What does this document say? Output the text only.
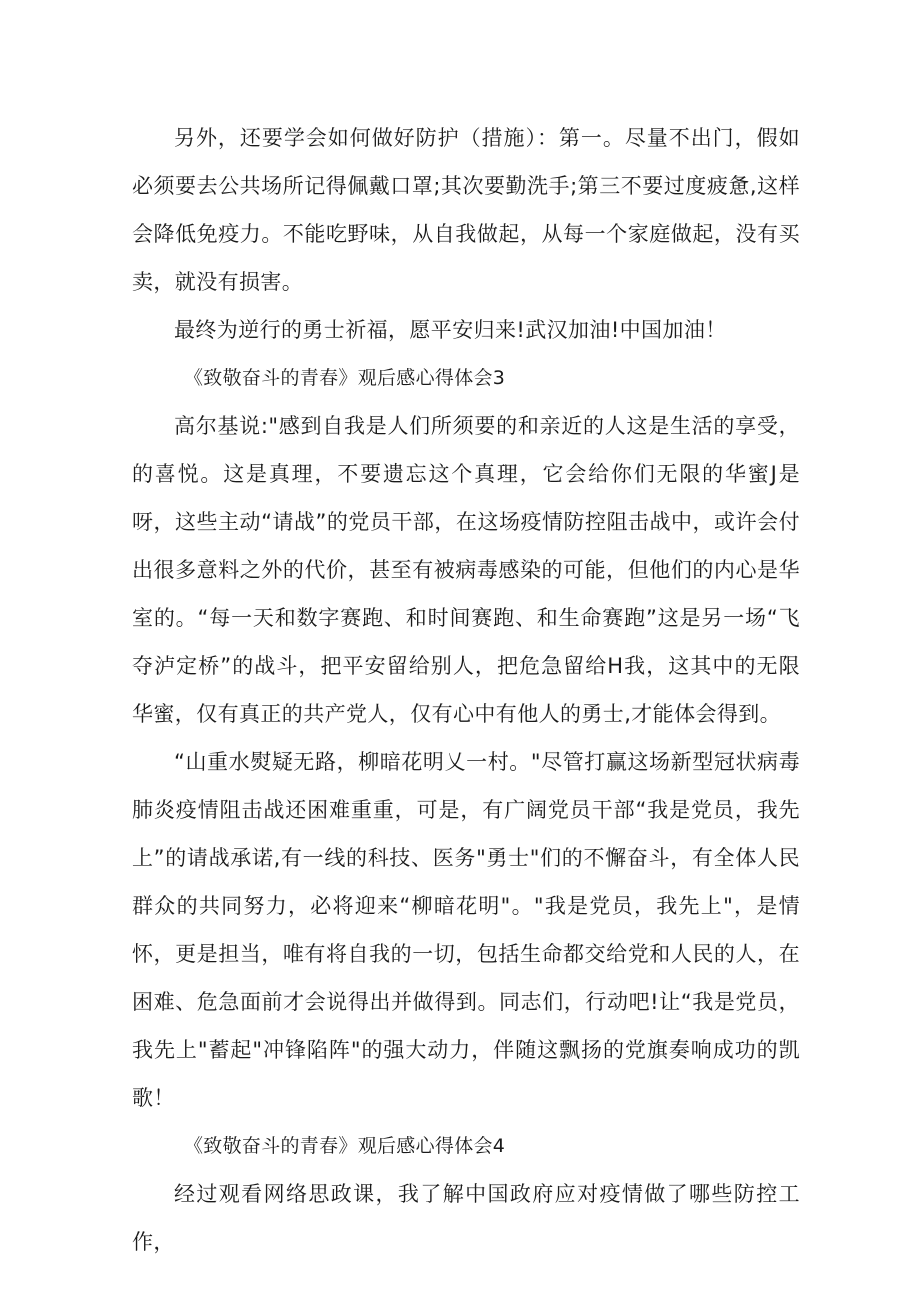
另外，还要学会如何做好防护（措施）：第一。尽量不出门，假如必须要去公共场所记得佩戴口罩;其次要勤洗手;第三不要过度疲惫,这样会降低免疫力。不能吃野味，从自我做起，从每一个家庭做起，没有买卖，就没有损害。

最终为逆行的勇士祈福，愿平安归来!武汉加油!中国加油！

《致敬奋斗的青春》观后感心得体会3

高尔基说:"感到自我是人们所须要的和亲近的人这是生活的享受，的喜悦。这是真理，不要遗忘这个真理，它会给你们无限的华蜜J是呀，这些主动“请战”的党员干部，在这场疫情防控阻击战中，或许会付出很多意料之外的代价，甚至有被病毒感染的可能，但他们的内心是华室的。“每一天和数字赛跑、和时间赛跑、和生命赛跑”这是另一场“飞夺泸定桥”的战斗，把平安留给别人，把危急留给H我，这其中的无限华蜜，仅有真正的共产党人，仅有心中有他人的勇士,才能体会得到。

“山重水熨疑无路，柳暗花明乂一村。"尽管打赢这场新型冠状病毒肺炎疫情阻击战还困难重重，可是，有广阔党员干部“我是党员，我先上”的请战承诺,有一线的科技、医务"勇士"们的不懈奋斗，有全体人民群众的共同努力，必将迎来“柳暗花明"。"我是党员，我先上"，是情怀，更是担当，唯有将自我的一切，包括生命都交给党和人民的人，在困难、危急面前才会说得出并做得到。同志们，行动吧!让“我是党员，我先上"蓄起"冲锋陷阵"的强大动力，伴随这飘扬的党旗奏响成功的凯歌！

《致敬奋斗的青春》观后感心得体会4

经过观看网络思政课，我了解中国政府应对疫情做了哪些防控工作，
